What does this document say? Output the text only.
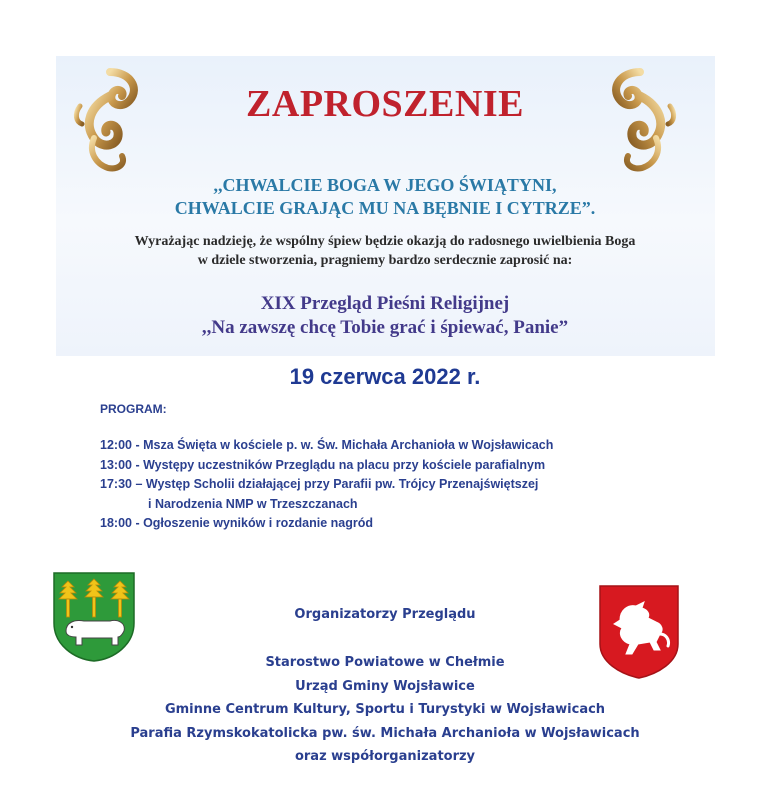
ZAPROSZENIE
,,CHWALCIE BOGA W JEGO ŚWIĄTYNI,
CHWALCIE GRAJĄC MU NA BĘBNIE I CYTRZE”.
Wyrażając nadzieję, że wspólny śpiew będzie okazją do radosnego uwielbienia Boga
w dziele stworzenia, pragniemy bardzo serdecznie zaprosić na:
XIX Przegląd Pieśni Religijnej
,,Na zawszę chcę Tobie grać i śpiewać, Panie”
19 czerwca 2022 r.
PROGRAM:
12:00 - Msza Święta w kościele p. w. Św. Michała Archanioła w Wojsławicach
13:00 - Występy uczestników Przeglądu na placu przy kościele parafialnym
17:30 – Występ Scholii działającej przy Parafii pw. Trójcy Przenajświętszej
i Narodzenia NMP w Trzeszczanach
18:00 - Ogłoszenie wyników i rozdanie nagród
Organizatorzy Przeglądu
Starostwo Powiatowe w Chełmie
Urząd Gminy Wojsławice
Gminne Centrum Kultury, Sportu i Turystyki w Wojsławicach
Parafia Rzymskokatolicka pw. św. Michała Archanioła w Wojsławicach
oraz współorganizatorzy
